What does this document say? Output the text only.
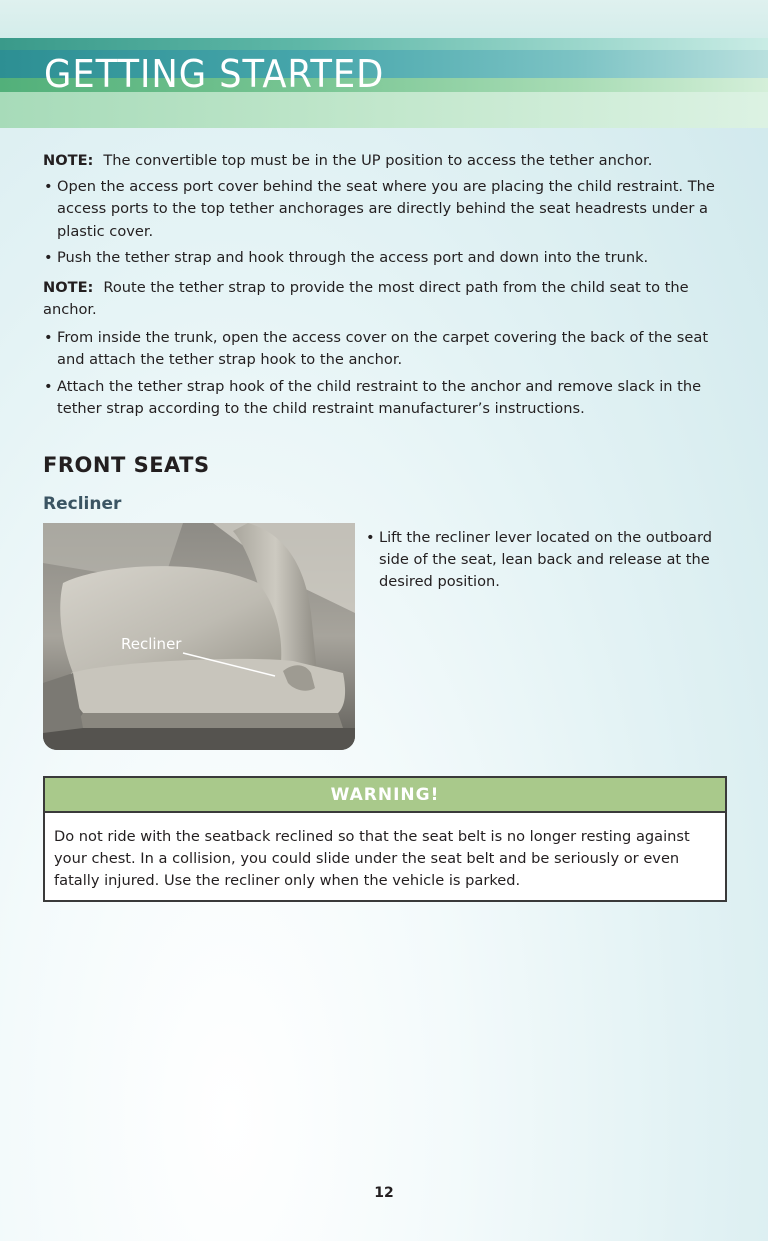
GETTING STARTED

NOTE: The convertible top must be in the UP position to access the tether anchor.

• Open the access port cover behind the seat where you are placing the child restraint. The access ports to the top tether anchorages are directly behind the seat headrests under a plastic cover.
• Push the tether strap and hook through the access port and down into the trunk.

NOTE: Route the tether strap to provide the most direct path from the child seat to the anchor.

• From inside the trunk, open the access cover on the carpet covering the back of the seat and attach the tether strap hook to the anchor.
• Attach the tether strap hook of the child restraint to the anchor and remove slack in the tether strap according to the child restraint manufacturer’s instructions.
FRONT SEATS
Recliner
Recliner
• Lift the recliner lever located on the outboard side of the seat, lean back and release at the desired position.
WARNING!
Do not ride with the seatback reclined so that the seat belt is no longer resting against your chest. In a collision, you could slide under the seat belt and be seriously or even fatally injured. Use the recliner only when the vehicle is parked.
12
